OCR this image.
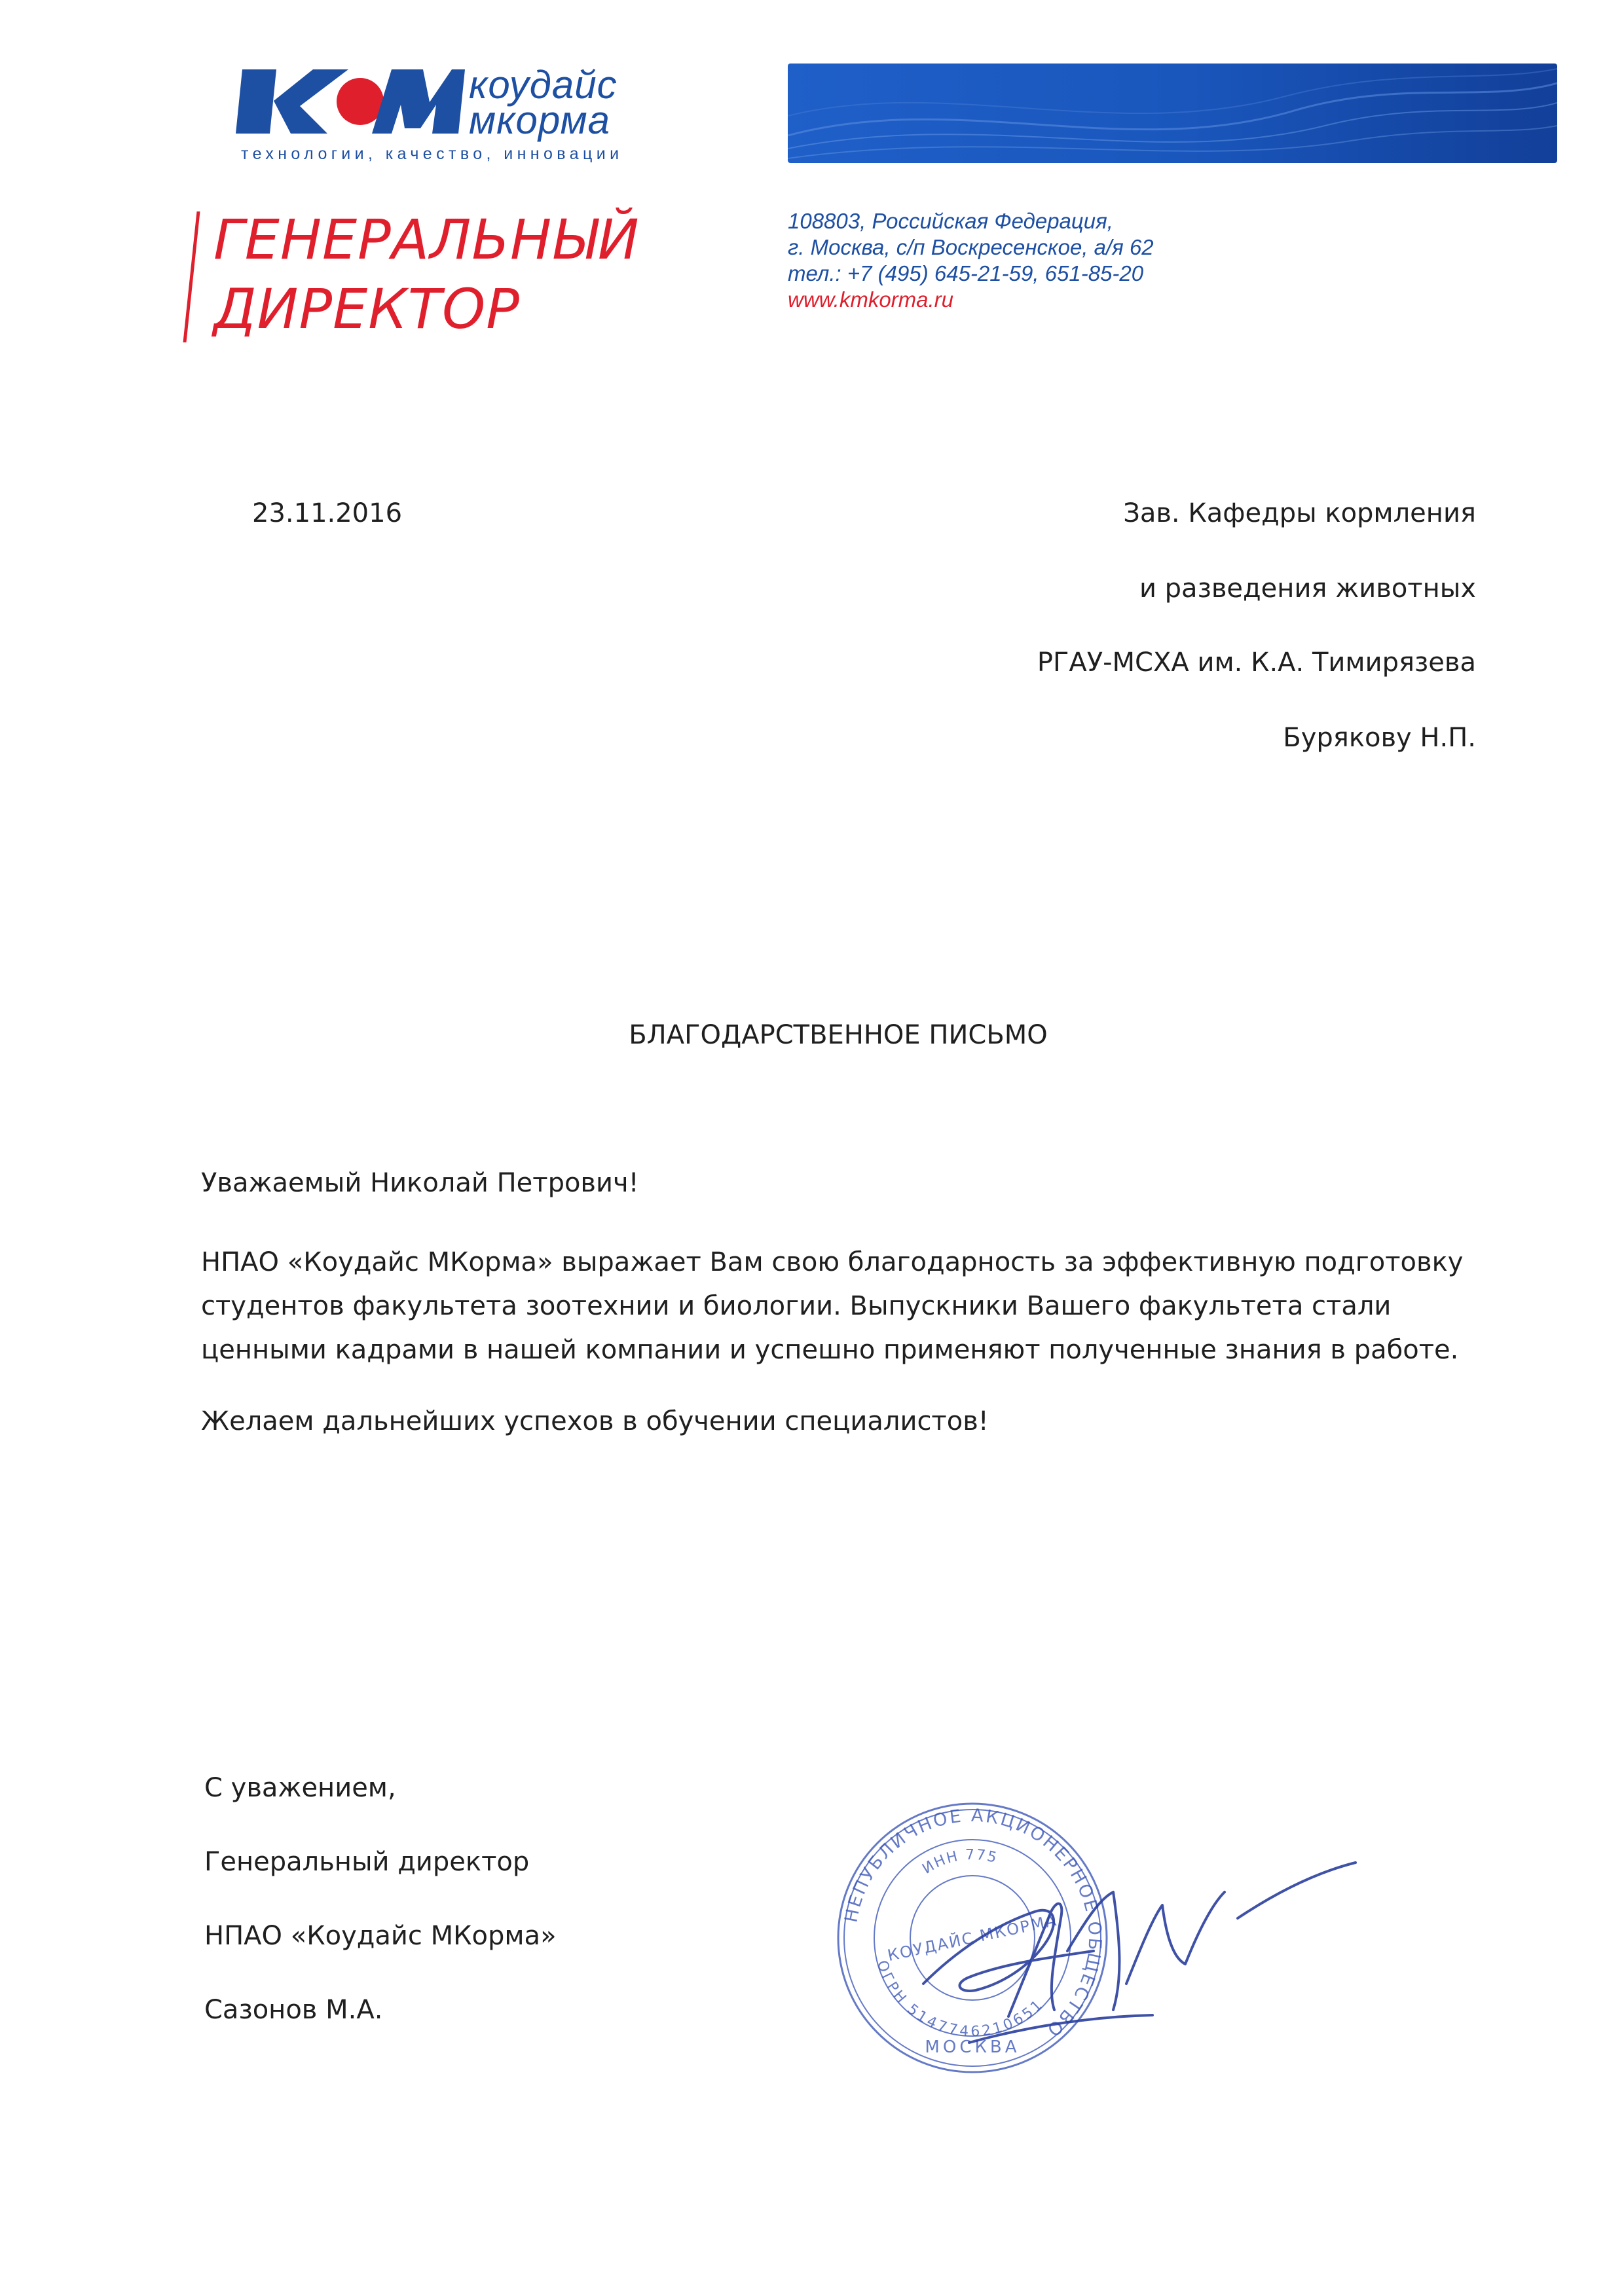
коудайс
мкорма
технологии, качество, инновации
ГЕНЕРАЛЬНЫЙ
ДИРЕКТОР
108803, Российская Федерация,
г. Москва, с/п Воскресенское, а/я 62
тел.: +7 (495) 645-21-59, 651-85-20
www.kmkorma.ru
23.11.2016	Зав. Кафедры кормления
и разведения животных
РГАУ-МСХА им. К.А. Тимирязева
Бурякову Н.П.
БЛАГОДАРСТВЕННОЕ ПИСЬМО
Уважаемый Николай Петрович!
НПАО «Коудайс МКорма» выражает Вам свою благодарность за эффективную подготовку
студентов факультета зоотехнии и биологии. Выпускники Вашего факультета стали
ценными кадрами в нашей компании и успешно применяют полученные знания в работе.
Желаем дальнейших успехов в обучении специалистов!
С уважением,
Генеральный директор
НПАО «Коудайс МКорма»
Сазонов М.А.
НЕПУБЛИЧНОЕ АКЦИОНЕРНОЕ ОБЩЕСТВО
ОГРН 5147746210651
ИНН 775
МОСКВА
КОУДАЙС МКОРМА
